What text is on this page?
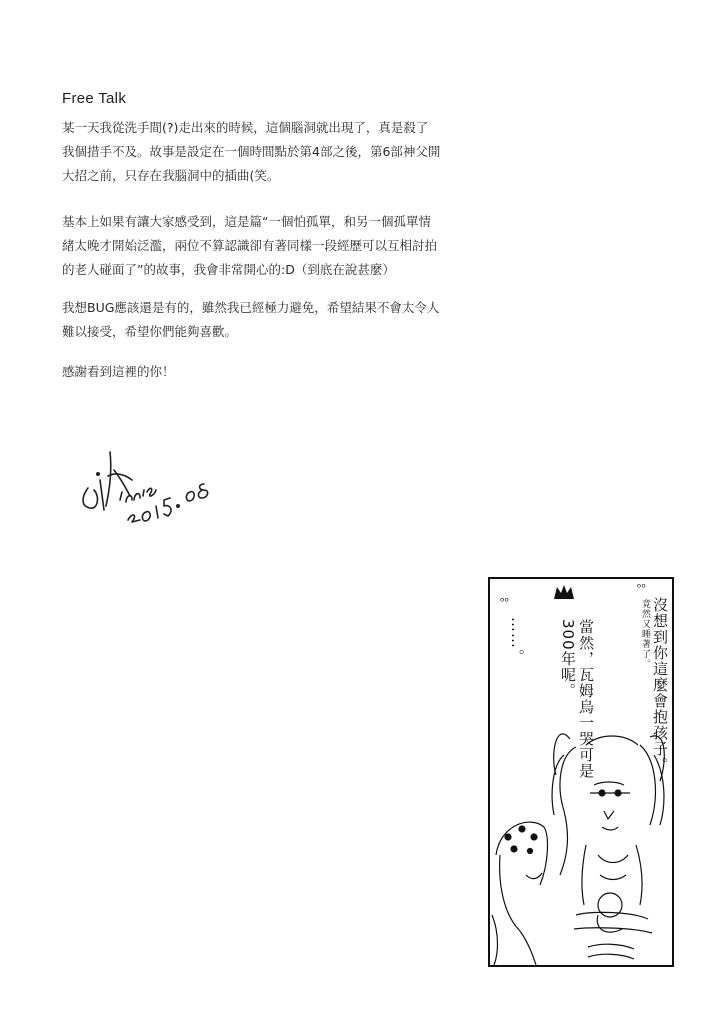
Free Talk
某一天我從洗手間(?)走出來的時候，這個腦洞就出現了，真是殺了
我個措手不及。故事是設定在一個時間點於第4部之後，第6部神父開
大招之前，只存在我腦洞中的插曲(笑。
基本上如果有讓大家感受到，這是篇“一個怕孤單，和另一個孤單情
緒太晚才開始泛濫，兩位不算認識卻有著同樣一段經歷可以互相討拍
的老人碰面了”的故事，我會非常開心的:D（到底在說甚麼）
我想BUG應該還是有的，雖然我已經極力避免，希望結果不會太令人
難以接受，希望你們能夠喜歡。
感謝看到這裡的你！
ᵒᵒ
ᵒᵒ	沒想到你這麼會抱孩子。
竟然又睡著了。
當然，瓦姆烏一哭可是
300年呢。
……。
